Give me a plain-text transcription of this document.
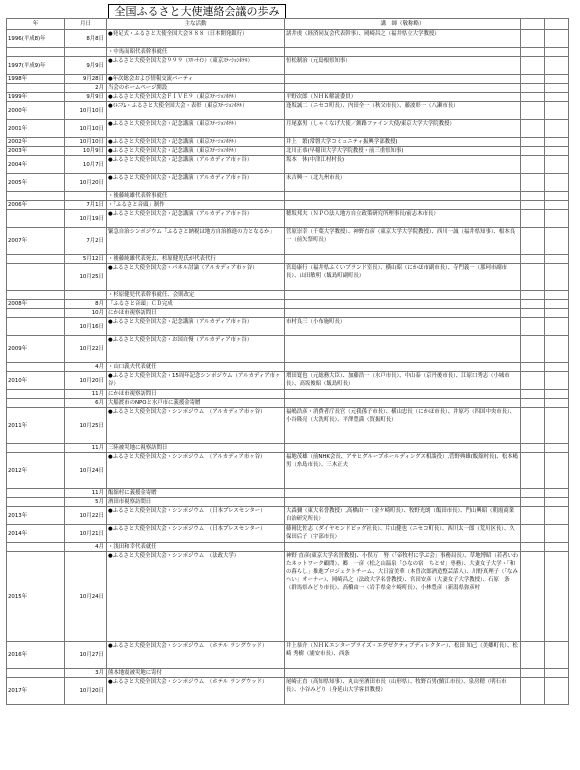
全国ふるさと大使連絡会議の歩み
年	月日	主な活動	講　師（敬称略）		
1996(平成8)年	8月8日	●発足式・ふるさと大使全国大会８８８（日本開発銀行）	諸井虔（経済同友会代表幹事）、岡崎昌之（福井県立大学教授）		
		・中馬而昭代表幹事就任			
1997(平成9)年	9月9日	●ふるさと大使全国大会９９９（ｽﾘｰﾅｲﾝ）（東京ｽﾃｰｼｮﾝﾎﾃﾙ）	恒松制治（元島根県知事）		
1998年	9月28日	●年次総会および情報交流パーティ			
	2月	当会のホームページ開設			
1999年	9月9日	●ふるさと大使全国大会ＦＩＶＥ９（東京ｽﾃｰｼｮﾝﾎﾃﾙ）	平野次郎（ＮＨＫ解説委員）		
2000年	10月10日	●ﾐﾚﾆｱﾑ・ふるさと大使全国大会・表彰（東京ｽﾃｰｼｮﾝﾎﾃﾙ）	逢坂誠二（ニセコ町長）、内田全一（秋父市長）、藤波彰一（八瀬市長）		
2001年	10月10日	●ふるさと大使全国大会・記念講演（東京ｽﾃｰｼｮﾝﾎﾃﾙ）	月尾嘉男（しゃくなげ大使／釧路ファイン大使/東京大学大学院教授）		
2002年	10月10日	●ふるさと大使全国大会・記念講演（東京ｽﾃｰｼｮﾝﾎﾃﾙ）	井上　繁(常磐大学コミュニティ振興学部教授)		
2003年	10月9日	●ふるさと大使全国大会・記念講演（東京ｽﾃｰｼｮﾝﾎﾃﾙ）	北川正恭(早稲田大学大学院教授・前三重県知事)		
2004年	10月7日	●ふるさと大使全国大会・記念講演（アルカディア市ヶ谷）	坂本　休(中津江村村長)		
2005年	10月20日	●ふるさと大使全国大会・記念講演（アルカディア市ヶ谷）	末吉興一（北九州市長）		
		・後藤純雄代表幹事就任			
2006年	7月1日	・「ふるさと音頭」制作			
	10月19日	●ふるさと大使全国大会・記念講演（アルカディア市ヶ谷）	穂坂邦夫（ＮＰＯ法人地方自立政策研究所理事長/前志木市長）		
2007年	7月2日	緊急自治シンポジウム「ふるさと納税は地方自治推進の力となるか」	菅原崇幸（千葉大学教授）、神野直彦（東京大学大学院教授）、西川一誠（福井県知事）、根本良一（前矢祭町長）		
	5月12日	・後藤純雄代表死去、杉原健児氏が代表代行			
	10月25日	●ふるさと大使全国大会・パネル討論（アルカディア市ヶ谷）	宮島康行（福井県ふくいブランド室長）、横山昭（にかほ市副市長）、寺門義一（那珂市副市長）、山田敏明（飯島町副町長）		
		・杉原健児代表幹事就任、会則改定			
2008年	8月	「ふるさと音頭」ＣＤ完成			
	10月	にかほ市視察訪問日			
	10月16日	●ふるさと大使全国大会・記念講演（アルカディア市ヶ谷）	市村良三（小布施町長）		
2009年	10月22日	●ふるさと大使全国大会・お国自慢（アルカディア市ヶ谷）			
	4月	・山口義夫代表就任			
2010年	10月20日	●ふるさと大使全国大会・15周年記念シンポジウム（アルカディア市ヶ谷）	増田寛也（元総務大臣）、加藤浩一（水戸市長）、中山泰（京丹後市長）、江原口秀志（小城市長）、高坂俊昭（飯島町長）		
	11月	にかほ市視察訪問日			
	6月	大船渡市のNPOと水戸市に義援金寄贈			
2011年	10月25日	●ふるさと大使全国大会・シンポジウム　（アルカディア市ヶ谷）	福嶋浩彦・消費者庁長官（元我孫子市長）、横山忠長（にかほ市長）、井原巧（四国中央市長）、小谷隆亮（大洗町長）、平澤豊満（賀振町長）		
	11月	三陸被災地に視察訪問日			
2012年	10月24日	●ふるさと大使全国大会・シンポジウム　（アルカディア市ヶ谷）	福地茂雄（前NHK会長、アサヒグループホールディングス相談役）,菅野典雄(飯舘村長)、松本嶋男（糸島市長）、三木正夫		
	11月	飯舘村に義援金寄贈			
	5月	酒田市視察訪問日			
2013年	10月22日	●ふるさと大使全国大会・シンポジウム　（日本プレスセンター）	大森彌（東大名誉教授）,高橋由一（金ケ崎町長）、牧野光朗（飯田市長）、門山興昭（朝霞商業自治研究所長）		
2014年	10月21日	●ふるさと大使全国大会・シンポジウム　（日本プレスセンター）	藤岡比佐志（ダイヤモンドビッグ社長）、片山健也（ニセコ町長）、西川太一郎（荒川区長）、久保田后子（宇部市長）		
	4月	・浅田和幸代表就任			
2015年	10月24日	●ふるさと大使全国大会・シンポジウム　（法政大学）	神野 直彦(東京大学名誉教授)、小俣万　努（「帝牧村に学ぶ会」事務局長）、草地博昭（若者いわたネットワーク顧問）、郷　一彦（松之山温泉「ひなの宿　ちとせ」専務）、大妻女子大学・「和の暮らし」推進プロジェクトチーム、大日富美華（本曽次郎酒造整芸話人）、川野真理子（「なみへい」オーナー）、岡崎昌之（法政大学名誉教授）、宮田安彦（大妻女子大学教授）、石原　条（群馬県みどり市長）、高橋由一（岩手県金ケ崎町長）、小林豊彦（新潟県弥彦村		
2016年	10月27日	●ふるさと大使全国大会・シンポジウム　（ホテル ラングウッド）	井上恭介（ＮＨＫエンタープライズ・エグゼクティブディレクター）、松田 知己（美郷町長）、松崎 秀樹（浦安市長）、西条		
	3月	熊本地震被災地に寄付			
2017年	10月20日	●ふるさと大使全国大会・シンポジウム　（ホテル ラングウッド）	尾崎正直（高知県知事）、丸山至酒田市長（山形県）、牧野百男(鯖江市長）、泉房穂（明石市長）、小谷みどり（身延山大学客員教授）		
